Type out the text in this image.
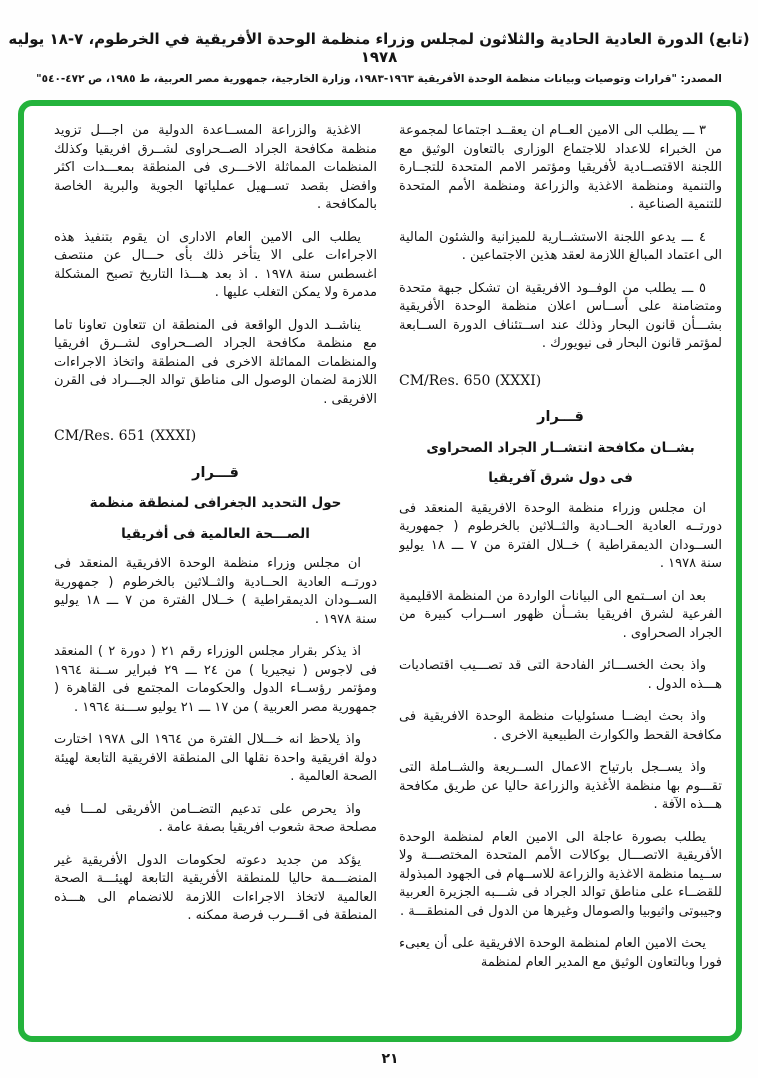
(تابع) الدورة العادية الحادية والثلاثون لمجلس وزراء منظمة الوحدة الأفريقية في الخرطوم، ٧-١٨ يوليه ١٩٧٨
المصدر: "قرارات وتوصيات وبيانات منظمة الوحدة الأفريقية ١٩٦٣-١٩٨٣، وزارة الخارجية، جمهورية مصر العربية، ط ١٩٨٥، ص ٤٧٢-٥٤٠"

٣ ـــ يطلب الى الامين العــام ان يعقــد اجتماعا لمجموعة من الخبراء للاعداد للاجتماع الوزارى بالتعاون الوثيق مع اللجنة الاقتصــادية لأفريقيا ومؤتمر الامم المتحدة للتجــارة والتنمية ومنظمة الاغذية والزراعة ومنظمة الأمم المتحدة للتنمية الصناعية .

٤ ـــ يدعو اللجنة الاستشــارية للميزانية والشئون المالية الى اعتماد المبالغ اللازمة لعقد هذين الاجتماعين .

٥ ـــ يطلب من الوفــود الافريقية ان تشكل جبهة متحدة ومتضامنة على أســاس اعلان منظمة الوحدة الأفريقية بشـــأن قانون البحار وذلك عند اســتئناف الدورة الســابعة لمؤتمر قانون البحار فى نيويورك .

CM/Res. 650 (XXXI)

قـــرار

بشــان مكافحة انتشــار الجراد الصحراوى

فى دول شرق آفريقيا

ان مجلس وزراء منظمة الوحدة الافريقية المنعقد فى دورتــه العادية الحــادية والثــلاثين بالخرطوم ( جمهورية الســودان الديمقراطية ) خــلال الفترة من ٧ ـــ ١٨ يوليو سنة ١٩٧٨ .

بعد ان اســتمع الى البيانات الواردة من المنظمة الاقليمية الفرعية لشرق افريقيا بشــأن ظهور اســراب كبيرة من الجراد الصحراوى .

واذ بحث الخســـائر الفادحة التى قد تصـــيب اقتصاديات هـــذه الدول .

واذ بحث ايضــا مسئوليات منظمة الوحدة الافريقية فى مكافحة القحط والكوارث الطبيعية الاخرى .

واذ يســجل بارتياح الاعمال الســريعة والشــاملة التى تقـــوم بها منظمة الأغذية والزراعة حاليا عن طريق مكافحة هـــذه الآفة .

يطلب بصورة عاجلة الى الامين العام لمنظمة الوحدة الأفريقية الاتصـــال بوكالات الأمم المتحدة المختصـــة ولا ســيما منظمة الاغذية والزراعة للاســهام فى الجهود المبذولة للقضــاء على مناطق توالد الجراد فى شـــبه الجزيرة العربية وجيبوتى واثيوبيا والصومال وغيرها من الدول فى المنطقـــة .

يحث الامين العام لمنظمة الوحدة الافريقية على أن يعبىء فورا وبالتعاون الوثيق مع المدير العام لمنظمة

الاغذية والزراعة المســاعدة الدولية من اجـــل تزويد منظمة مكافحة الجراد الصــحراوى لشــرق افريقيا وكذلك المنظمات المماثلة الاخـــرى فى المنطقة بمعـــدات اكثر وافضل بقصد تســهيل عملياتها الجوية والبرية الخاصة بالمكافحة .

يطلب الى الامين العام الادارى ان يقوم بتنفيذ هذه الاجراءات على الا يتأخر ذلك بأى حـــال عن منتصف اغسطس سنة ١٩٧٨ . اذ بعد هـــذا التاريخ تصبح المشكلة مدمرة ولا يمكن التغلب عليها .

يناشــد الدول الواقعة فى المنطقة ان تتعاون تعاونا تاما مع منظمة مكافحة الجراد الصــحراوى لشــرق افريقيا والمنظمات المماثلة الاخرى فى المنطقة واتخاذ الاجراءات اللازمة لضمان الوصول الى مناطق توالد الجـــراد فى القرن الافريقى .

CM/Res. 651 (XXXI)

قـــرار

حول التحديد الجغرافى لمنطقة منظمة

الصـــحة العالمية فى أفريقيا

ان مجلس وزراء منظمة الوحدة الافريقية المنعقد فى دورتــه العادية الحــادية والثــلاثين بالخرطوم ( جمهورية الســودان الديمقراطية ) خــلال الفترة من ٧ ـــ ١٨ يوليو سنة ١٩٧٨ .

اذ يذكر بقرار مجلس الوزراء رقم ٢١ ( دورة ٢ ) المنعقد فى لاجوس ( نيجيريا ) من ٢٤ ـــ ٢٩ فبراير ســنة ١٩٦٤ ومؤتمر رؤســاء الدول والحكومات المجتمع فى القاهرة ( جمهورية مصر العربية ) من ١٧ ـــ ٢١ يوليو ســـنة ١٩٦٤ .

واذ يلاحظ انه خـــلال الفترة من ١٩٦٤ الى ١٩٧٨ اختارت دولة افريقية واحدة نقلها الى المنطقة الافريقية التابعة لهيئة الصحة العالمية .

واذ يحرص على تدعيم التضــامن الأفريقى لمـــا فيه مصلحة صحة شعوب افريقيا بصفة عامة .

يؤكد من جديد دعوته لحكومات الدول الأفريقية غير المنضـــمة حاليا للمنطقة الأفريقية التابعة لهيئـــة الصحة العالمية لاتخاذ الاجراءات اللازمة للانضمام الى هـــذه المنطقة فى اقـــرب فرصة ممكنه .

٢١
